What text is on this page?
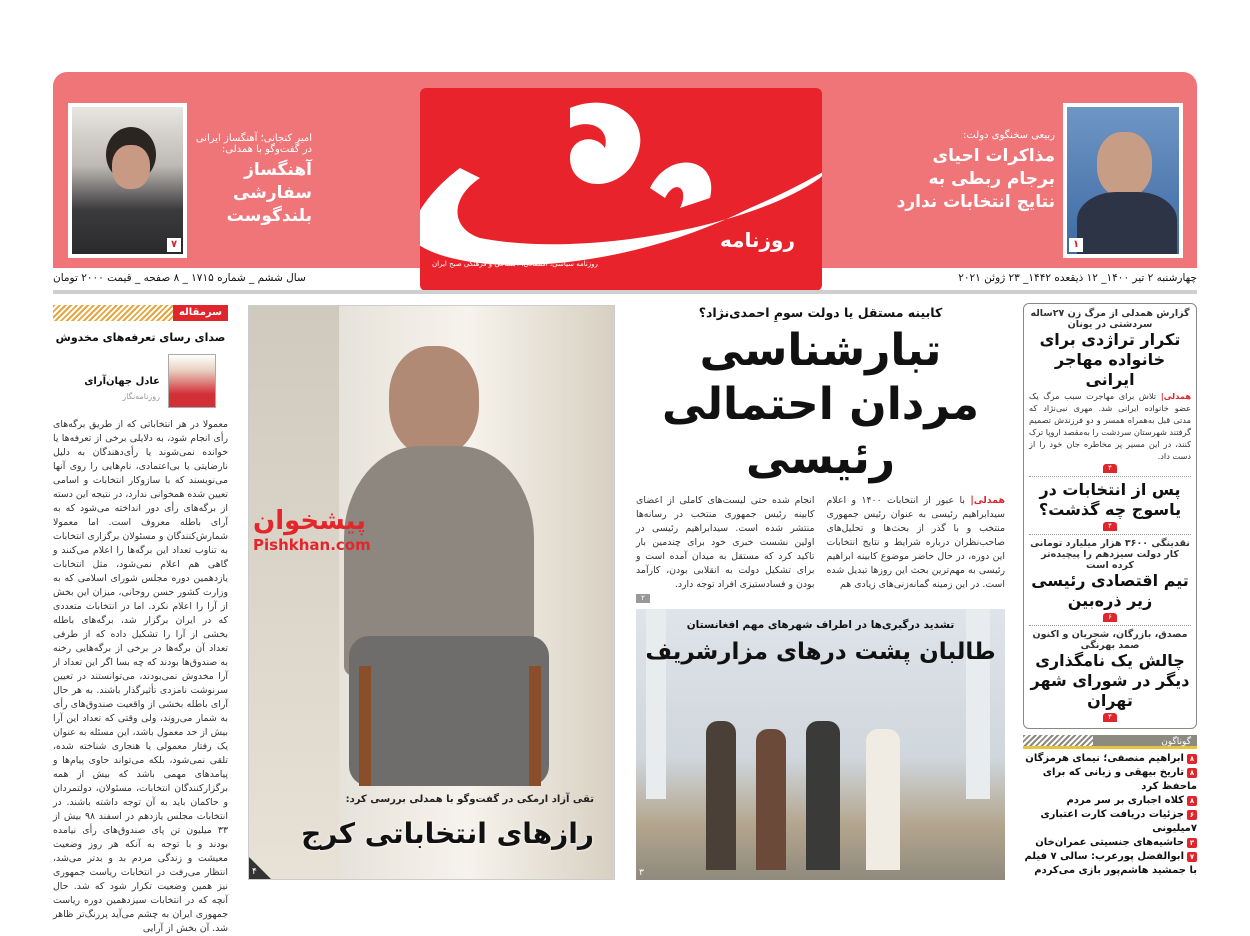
۷
امیر کنجانی؛ آهنگساز ایرانی در گفت‌وگو با همدلی:
آهنگساز سفارشی بلندگوست
روزنامه
روزنامه سیاسی، اقتصادی، اجتماعی و فرهنگی صبح ایران
ربیعی سخنگوی دولت:
مذاکرات احیای برجام ربطی به نتایج انتخابات ندارد
۱
چهارشنبه ۲ تیر ۱۴۰۰_ ۱۲ ذیقعده ۱۴۴۲_ ۲۳ ژوئن ۲۰۲۱
سال ششم _ شماره ۱۷۱۵ _ ۸ صفحه _ قیمت ۲۰۰۰ تومان
سرمقاله
صدای رسای تعرفه‌های مخدوش
عادل جهان‌آرای
روزنامه‌نگار
معمولا در هر انتخاباتی که از طریق برگه‌های رأی انجام شود، به دلایلی برخی از تعرفه‌ها یا خوانده نمی‌شوند یا رأی‌دهندگان به دلیل نارضایتی یا بی‌اعتمادی، نام‌هایی را روی آنها می‌نویسند که با سازوکار انتخابات و اسامی تعیین شده همخوانی ندارد، در نتیجه این دسته از برگه‌های رأی دور انداخته می‌شود که به آرای باطله معروف است. اما معمولا شمارش‌کنندگان و مسئولان برگزاری انتخابات به تناوب تعداد این برگه‌ها را اعلام می‌کنند و گاهی هم اعلام نمی‌شود، مثل انتخابات یازدهمین دوره مجلس شورای اسلامی که به وزارت کشور حسن روحانی، میزان این بخش از آرا را اعلام نکرد. اما در انتخابات متعددی که در ایران برگزار شد، برگه‌های باطله بخشی از آرا را تشکیل داده که از طرفی تعداد آن برگه‌ها در برخی از برگه‌هایی رخنه به صندوق‌ها بودند که چه بسا اگر این تعداد از آرا مخدوش نمی‌بودند، می‌توانستند در تعیین سرنوشت نامزدی تأثیرگذار باشند. به هر حال آرای باطله بخشی از واقعیت صندوق‌های رأی به شمار می‌روند، ولی وقتی که تعداد این آرا بیش از حد معمول باشد، این مسئله به عنوان یک رفتار معمولی یا هنجاری شناخته شده، تلقی نمی‌شود، بلکه می‌تواند حاوی پیام‌ها و پیامدهای مهمی باشد که بیش از همه برگزارکنندگان انتخابات، مسئولان، دولتمردان و حاکمان باید به آن توجه داشته باشند. در انتخابات مجلس یازدهم در اسفند ۹۸ بیش از ۳۳ میلیون تن پای صندوق‌های رأی نیامده بودند و با توجه به آنکه هر روز وضعیت معیشت و زندگی مردم بد و بدتر می‌شد، انتظار می‌رفت در انتخابات ریاست جمهوری نیز همین وضعیت تکرار شود که شد. حال آنچه که در انتخابات سیزدهمین دوره ریاست جمهوری ایران به چشم می‌آید پررنگ‌تر ظاهر شد. آن بخش از آرایی
پیشخوان
Pishkhan.com
تقی آزاد ارمکی در گفت‌وگو با همدلی بررسی کرد:
رازهای انتخاباتی کرج
۴
کابینه مستقل یا دولت سومِ احمدی‌نژاد؟
تبارشناسی مردان احتمالی رئیسی

همدلی| با عبور از انتخابات ۱۴۰۰ و اعلام سیدابراهیم رئیسی به عنوان رئیس جمهوری منتخب و با گذر از بحث‌ها و تحلیل‌های صاحب‌نظران درباره شرایط و نتایج انتخابات این دوره، در حال حاضر موضوع کابینه ابراهیم رئیسی به مهم‌ترین بحث این روزها تبدیل شده است. در این زمینه گمانه‌زنی‌های زیادی هم

انجام شده حتی لیست‌های کاملی از اعضای کابینه رئیس جمهوری منتخب در رسانه‌ها منتشر شده است. سیدابراهیم رئیسی در اولین نشست خبری خود برای چندمین بار تاکید کرد که مستقل به میدان آمده است و برای تشکیل دولت به انقلابی بودن، کارآمد بودن و فسادستیزی افراد توجه دارد.

۲
تشدید درگیری‌ها در اطراف شهرهای مهم افغانستان
طالبان پشت درهای مزارشریف
۳
گزارش همدلی از مرگ زن ۲۷ساله سردشتی در یونان
تکرار تراژدی برای خانواده مهاجر ایرانی
همدلی| تلاش برای مهاجرت سبب مرگ یک عضو خانواده ایرانی شد. مهری نبی‌نژاد که مدتی قبل به‌همراه همسر و دو فرزندش تصمیم گرفتند شهرستان سردشت را به‌مقصد اروپا ترک کنند، در این مسیر پر مخاطره جان خود را از دست داد.
۴
پس از انتخابات در یاسوج چه گذشت؟
۴
نقدینگی ۳۶۰۰ هزار میلیارد تومانی کار دولت سیزدهم را پیچیده‌تر کرده است
تیم اقتصادی رئیسی زیر ذره‌بین
۶
مصدق، بازرگان، شجریان و اکنون صمد بهرنگی
چالش یک نامگذاری دیگر در شورای شهر تهران
۴
گوناگون
۸ابراهیم منصفی؛ نیمای هرمزگان
۸تاریخ بیهقی و زبانی که برای ماحفظ کرد
۸کلاه اجباری بر سر مردم
۶جزئیات دریافت کارت اعتباری ۷میلیونی
۳حاشیه‌های جنسیتی عمران‌خان
۷ابوالفضل پورعرب: سالی ۷ فیلم با جمشید هاشم‌پور بازی می‌کردم
